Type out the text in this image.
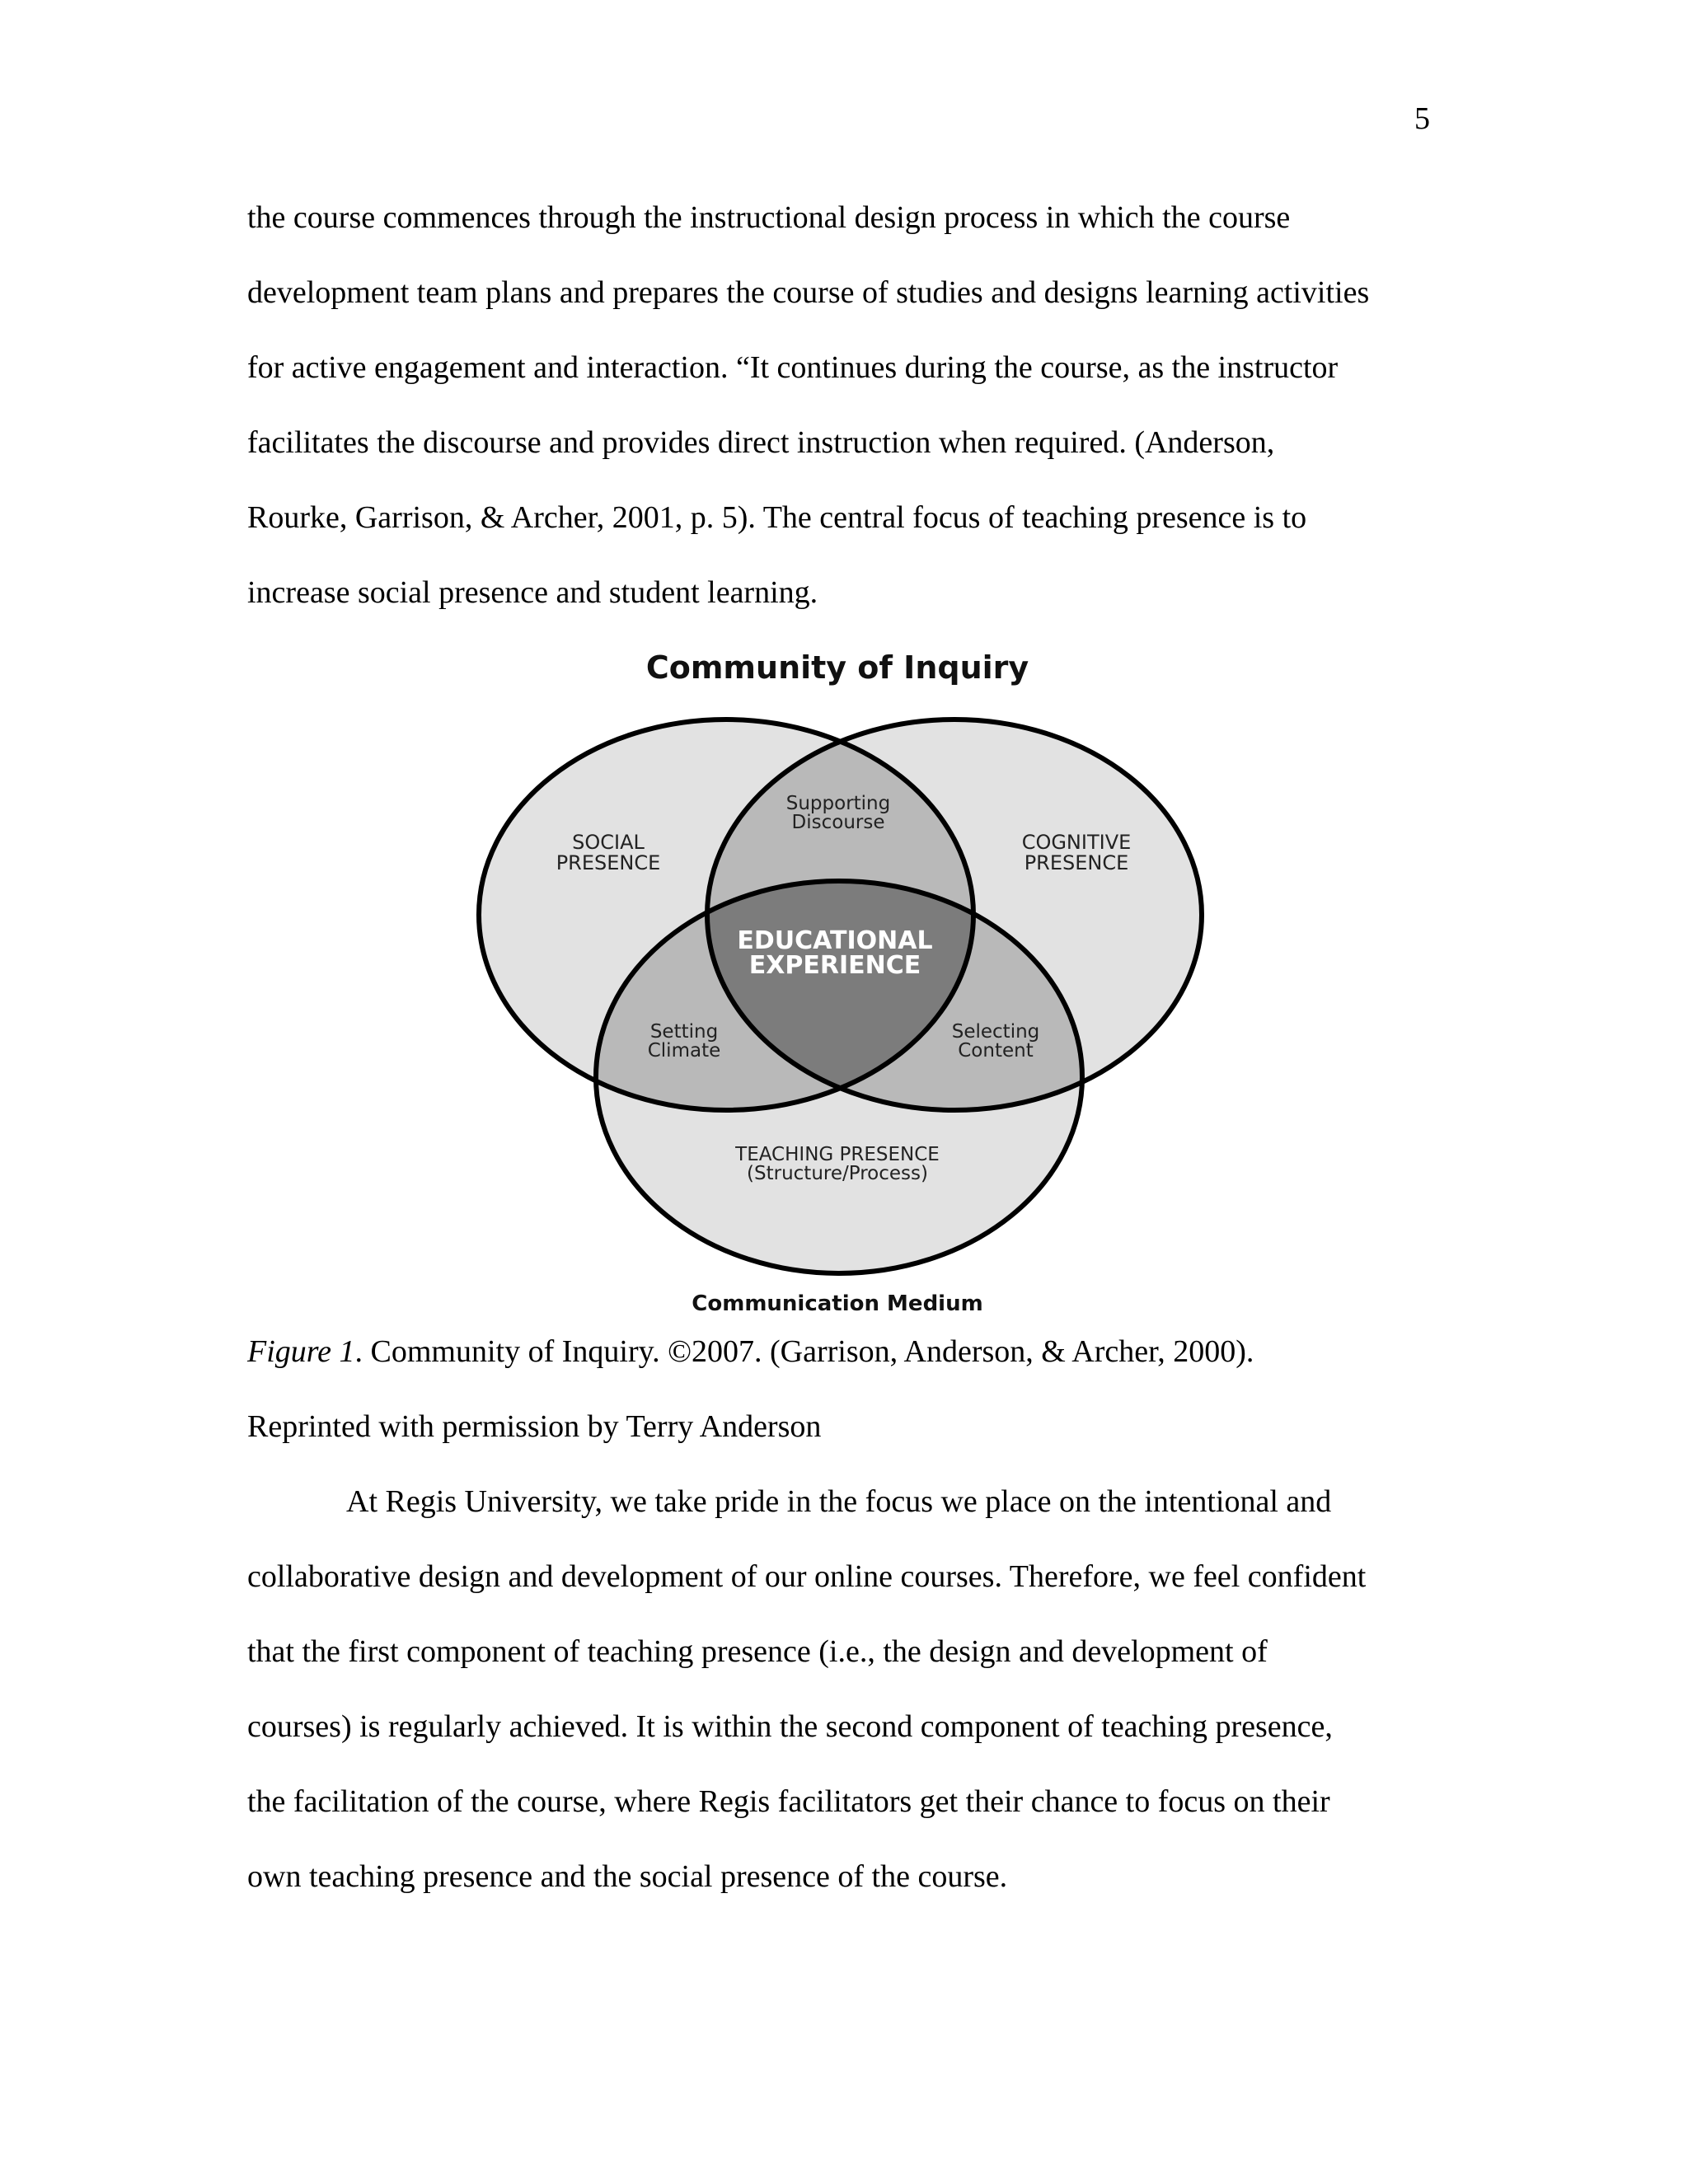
5
the course commences through the instructional design process in which the course
development team plans and prepares the course of studies and designs learning activities
for active engagement and interaction. “It continues during the course, as the instructor
facilitates the discourse and provides direct instruction when required. (Anderson,
Rourke, Garrison, & Archer, 2001, p. 5). The central focus of teaching presence is to
increase social presence and student learning.
Community of Inquiry
SOCIAL
PRESENCE
COGNITIVE
PRESENCE
Supporting
Discourse
EDUCATIONAL
EXPERIENCE
Setting
Climate
Selecting
Content
TEACHING PRESENCE
(Structure/Process)
Communication Medium
Figure 1. Community of Inquiry. ©2007. (Garrison, Anderson, & Archer, 2000).
Reprinted with permission by Terry Anderson
At Regis University, we take pride in the focus we place on the intentional and
collaborative design and development of our online courses. Therefore, we feel confident
that the first component of teaching presence (i.e., the design and development of
courses) is regularly achieved. It is within the second component of teaching presence,
the facilitation of the course, where Regis facilitators get their chance to focus on their
own teaching presence and the social presence of the course.
